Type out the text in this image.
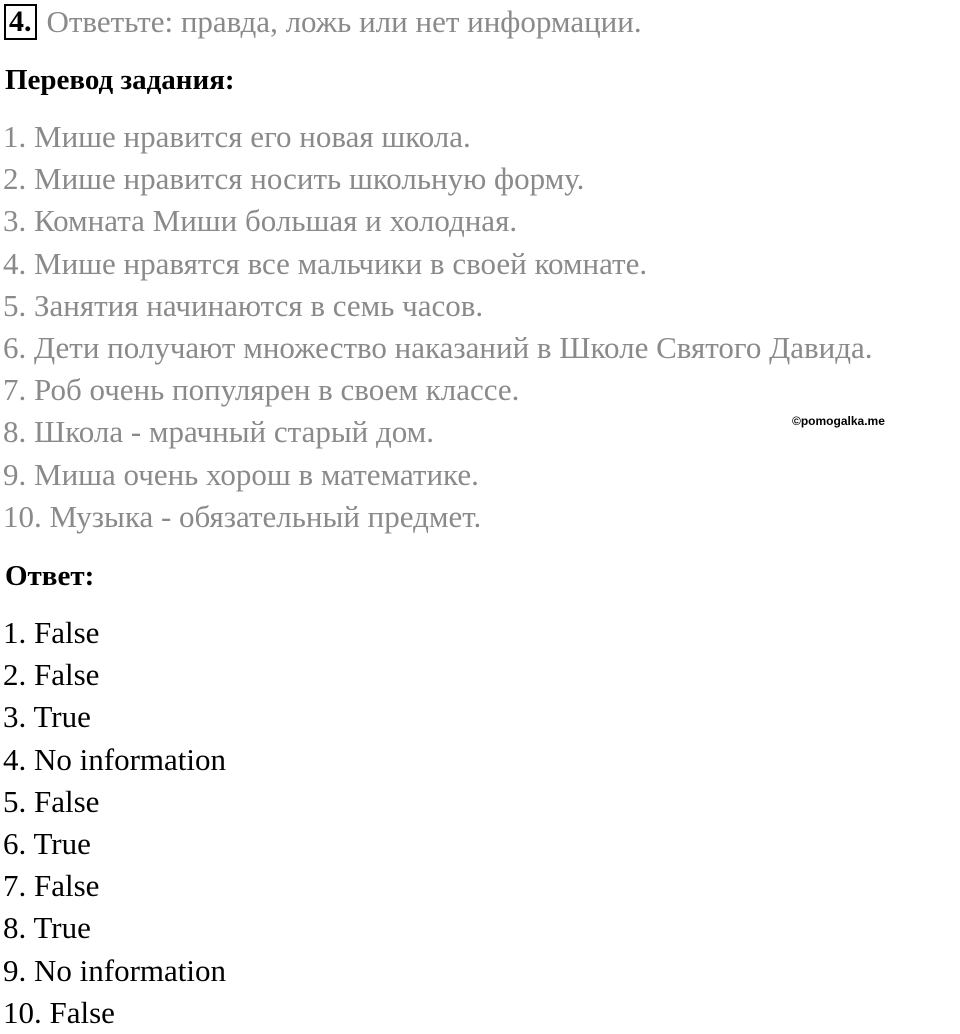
4. Ответьте: правда, ложь или нет информации.
Перевод задания:
1. Мише нравится его новая школа.
2. Мише нравится носить школьную форму.
3. Комната Миши большая и холодная.
4. Мише нравятся все мальчики в своей комнате.
5. Занятия начинаются в семь часов.
6. Дети получают множество наказаний в Школе Святого Давида.
7. Роб очень популярен в своем классе.
8. Школа - мрачный старый дом.
9. Миша очень хорош в математике.
10. Музыка - обязательный предмет.
©pomogalka.me
Ответ:
1. False
2. False
3. True
4. No information
5. False
6. True
7. False
8. True
9. No information
10. False
